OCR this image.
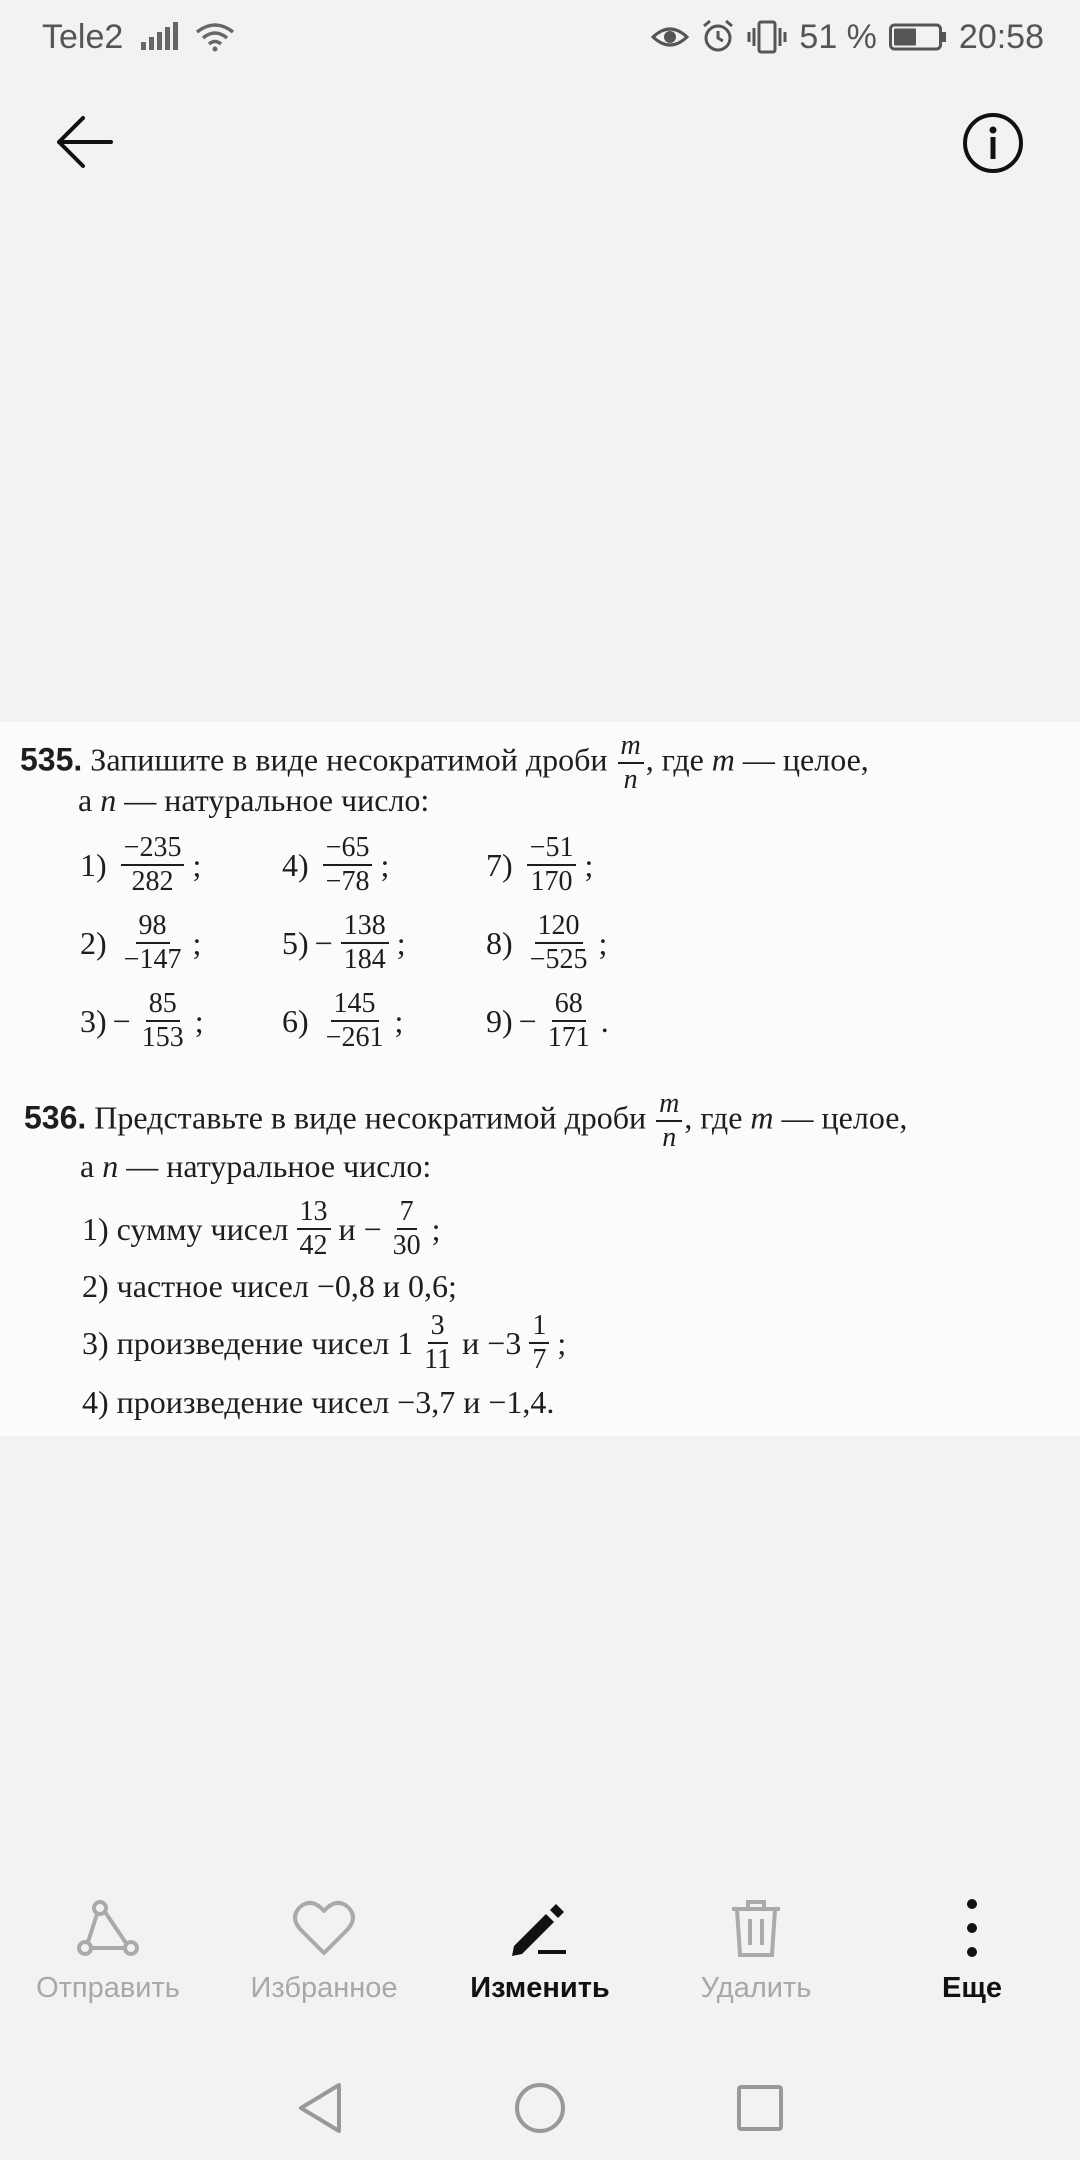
Tele2	51 % 20:58
535. Запишите в виде несократимой дроби $\frac{m}{n}$ , где m — целое,
а n — натуральное число:
$1) \frac{-235}{282}$ ;
$2) \frac{98}{-147}$ ;
$3) - \frac{85}{153}$ ;
$4) \frac{-65}{-78}$ ;
$5) - \frac{138}{184}$ ;
$6) \frac{145}{-261}$ ;
$7) \frac{-51}{170}$ ;
$8) \frac{120}{-525}$ ;
$9) - \frac{68}{171}$ .
536. Представьте в виде несократимой дроби $\frac{m}{n}$ , где m — целое,
а n — натуральное число:
1) сумму чисел $\frac{13}{42}$ $и - \frac{7}{30}$ ;
2) частное чисел −0,8 и 0,6;
3) произведение чисел $1 \frac{3}{11}$ $и -3 \frac{1}{7}$ ;
4) произведение чисел −3,7 и −1,4.
Отправить Избранное	Изменить	Удалить	Еще
